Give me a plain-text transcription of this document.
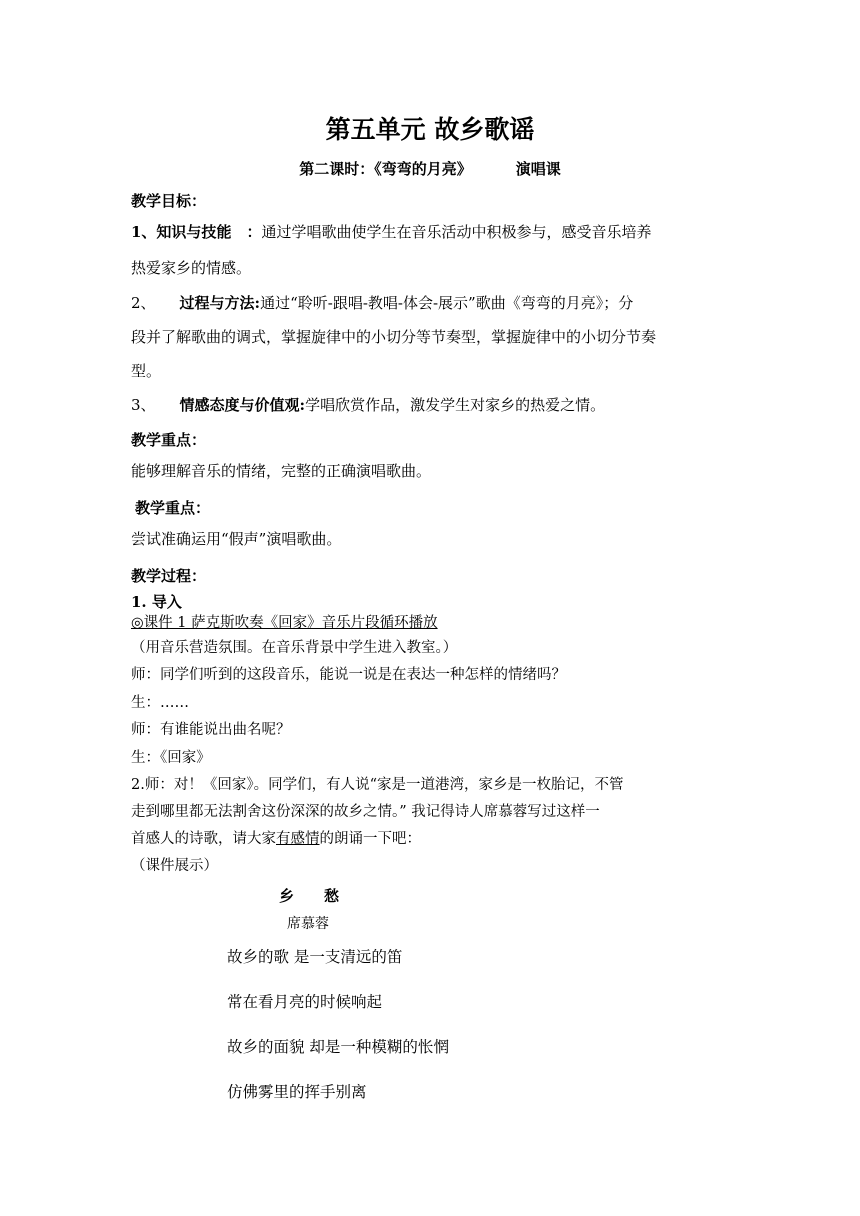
第五单元 故乡歌谣
第二课时：《弯弯的月亮》	演唱课
教学目标：
1、知识与技能　：通过学唱歌曲使学生在音乐活动中积极参与，感受音乐培养
热爱家乡的情感。
2、 过程与方法:通过“聆听-跟唱-教唱-体会-展示”歌曲《弯弯的月亮》；分
段并了解歌曲的调式，掌握旋律中的小切分等节奏型，掌握旋律中的小切分节奏
型。
3、 情感态度与价值观:学唱欣赏作品，激发学生对家乡的热爱之情。
教学重点：
能够理解音乐的情绪，完整的正确演唱歌曲。
教学重点：
尝试准确运用“假声”演唱歌曲。
教学过程：
1. 导入
◎课件 1 萨克斯吹奏《回家》音乐片段循环播放
（用音乐营造氛围。在音乐背景中学生进入教室。）
师：同学们听到的这段音乐，能说一说是在表达一种怎样的情绪吗？
生：……
师：有谁能说出曲名呢？
生：《回家》
2.师：对！《回家》。同学们，有人说“家是一道港湾，家乡是一枚胎记，不管
走到哪里都无法割舍这份深深的故乡之情。” 我记得诗人席慕蓉写过这样一
首感人的诗歌，请大家有感情的朗诵一下吧：
（课件展示）
乡　　愁
席慕蓉
故乡的歌 是一支清远的笛
常在看月亮的时候响起
故乡的面貌 却是一种模糊的怅惘
仿佛雾里的挥手别离
